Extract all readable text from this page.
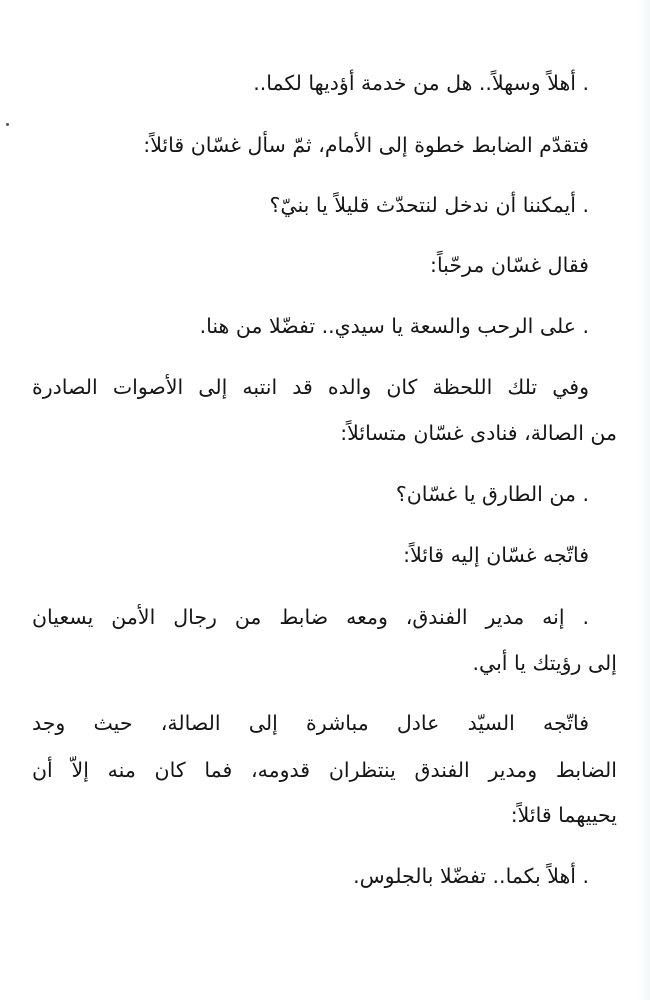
. أهلاً وسهلاً.. هل من خدمة أؤديها لكما..
فتقدّم الضابط خطوة إلى الأمام، ثمّ سأل غسّان قائلاً:
. أيمكننا أن ندخل لنتحدّث قليلاً يا بنيّ؟
فقال غسّان مرحّباً:
. على الرحب والسعة يا سيدي.. تفضّلا من هنا.
وفي تلك اللحظة كان والده قد انتبه إلى الأصوات الصادرة
من الصالة، فنادى غسّان متسائلاً:
. من الطارق يا غسّان؟
فاتّجه غسّان إليه قائلاً:
. إنه مدير الفندق، ومعه ضابط من رجال الأمن يسعيان
إلى رؤيتك يا أبي.
فاتّجه السيّد عادل مباشرة إلى الصالة، حيث وجد
الضابط ومدير الفندق ينتظران قدومه، فما كان منه إلاّ أن
يحييهما قائلاً:
. أهلاً بكما.. تفضّلا بالجلوس.
